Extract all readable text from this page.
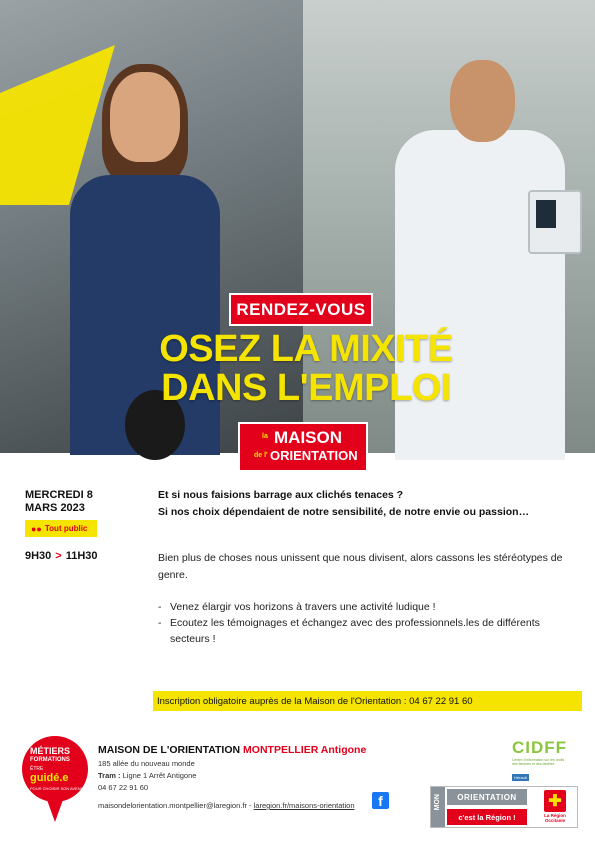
RENDEZ-VOUS
OSEZ LA MIXITÉ
DANS L'EMPLOI
la MAISON
de l' ORIENTATION
MERCREDI 8
MARS 2023
●● Tout public
9H30 > 11H30
Et si nous faisions barrage aux clichés tenaces ?
Si nos choix dépendaient de notre sensibilité, de notre envie ou passion…
Bien plus de choses nous unissent que nous divisent, alors cassons les stéréotypes de genre.
- Venez élargir vos horizons à travers une activité ludique !
- Ecoutez les témoignages et échangez avec des professionnels.les de différents secteurs !
Inscription obligatoire auprès de la Maison de l'Orientation : 04 67 22 91 60
MÉTIERS
FORMATIONS
ÊTRE
guidé.e
POUR CHOISIR SON AVENIR
MAISON DE L'ORIENTATION MONTPELLIER Antigone
185 allée du nouveau monde
Tram : Ligne 1 Arrêt Antigone
04 67 22 91 60
maisondelorientation.montpellier@laregion.fr - laregion.fr/maisons-orientation	f
CIDFF
Centre d'information sur les droits des femmes et des familles
Hérault
MON	ORIENTATION
c'est la Région !
✚
La Région Occitanie
